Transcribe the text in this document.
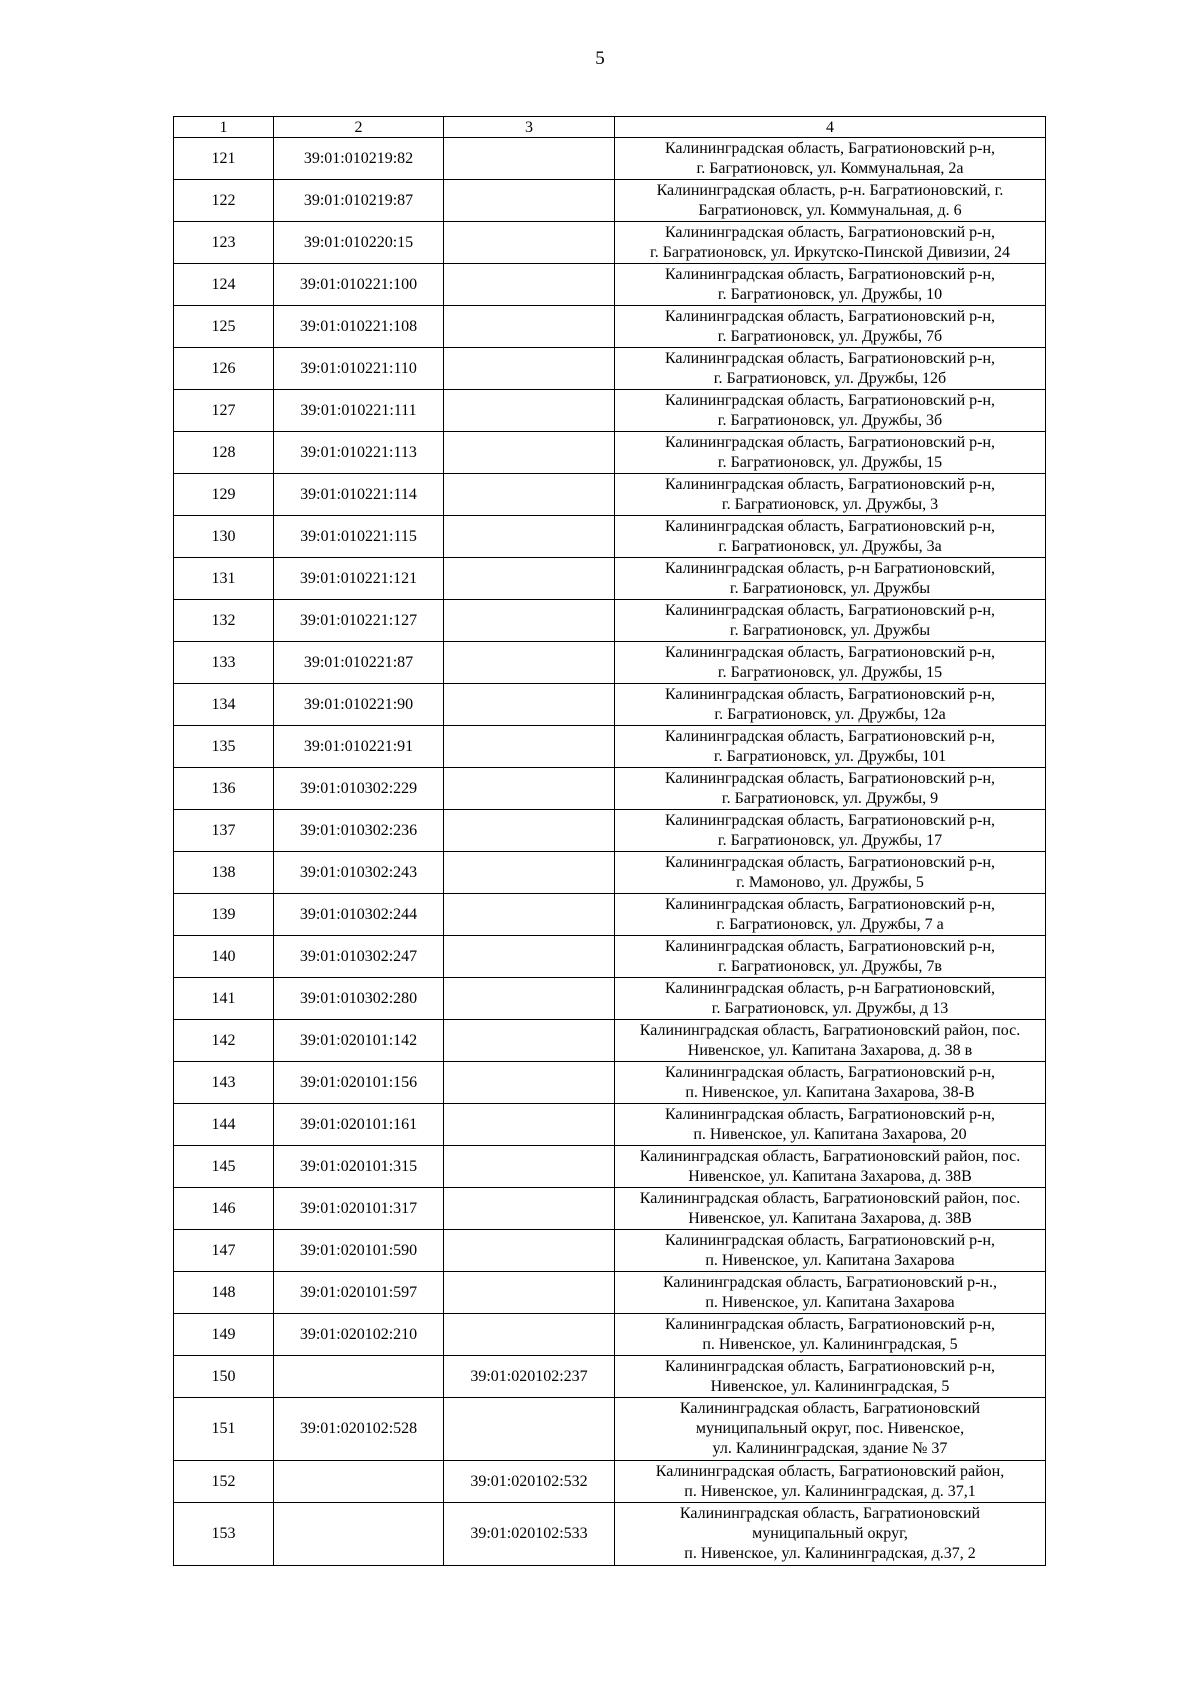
5
1	2	3	4
121	39:01:010219:82		Калининградская область, Багратионовский р-н,
г. Багратионовск, ул. Коммунальная, 2а

122	39:01:010219:87		Калининградская область, р-н. Багратионовский, г.
Багратионовск, ул. Коммунальная, д. 6

123	39:01:010220:15		Калининградская область, Багратионовский р-н,
г. Багратионовск, ул. Иркутско-Пинской Дивизии, 24

124	39:01:010221:100		Калининградская область, Багратионовский р-н,
г. Багратионовск, ул. Дружбы, 10

125	39:01:010221:108		Калининградская область, Багратионовский р-н,
г. Багратионовск, ул. Дружбы, 7б

126	39:01:010221:110		Калининградская область, Багратионовский р-н,
г. Багратионовск, ул. Дружбы, 12б

127	39:01:010221:111		Калининградская область, Багратионовский р-н,
г. Багратионовск, ул. Дружбы, 3б

128	39:01:010221:113		Калининградская область, Багратионовский р-н,
г. Багратионовск, ул. Дружбы, 15

129	39:01:010221:114		Калининградская область, Багратионовский р-н,
г. Багратионовск, ул. Дружбы, 3

130	39:01:010221:115		Калининградская область, Багратионовский р-н,
г. Багратионовск, ул. Дружбы, 3а

131	39:01:010221:121		Калининградская область, р-н Багратионовский,
г. Багратионовск, ул. Дружбы

132	39:01:010221:127		Калининградская область, Багратионовский р-н,
г. Багратионовск, ул. Дружбы

133	39:01:010221:87		Калининградская область, Багратионовский р-н,
г. Багратионовск, ул. Дружбы, 15

134	39:01:010221:90		Калининградская область, Багратионовский р-н,
г. Багратионовск, ул. Дружбы, 12а

135	39:01:010221:91		Калининградская область, Багратионовский р-н,
г. Багратионовск, ул. Дружбы, 101

136	39:01:010302:229		Калининградская область, Багратионовский р-н,
г. Багратионовск, ул. Дружбы, 9

137	39:01:010302:236		Калининградская область, Багратионовский р-н,
г. Багратионовск, ул. Дружбы, 17

138	39:01:010302:243		Калининградская область, Багратионовский р-н,
г. Мамоново, ул. Дружбы, 5

139	39:01:010302:244		Калининградская область, Багратионовский р-н,
г. Багратионовск, ул. Дружбы, 7 а

140	39:01:010302:247		Калининградская область, Багратионовский р-н,
г. Багратионовск, ул. Дружбы, 7в

141	39:01:010302:280		Калининградская область, р-н Багратионовский,
г. Багратионовск, ул. Дружбы, д 13

142	39:01:020101:142		Калининградская область, Багратионовский район, пос.
Нивенское, ул. Капитана Захарова, д. 38 в

143	39:01:020101:156		Калининградская область, Багратионовский р-н,
п. Нивенское, ул. Капитана Захарова, 38-В

144	39:01:020101:161		Калининградская область, Багратионовский р-н,
п. Нивенское, ул. Капитана Захарова, 20

145	39:01:020101:315		Калининградская область, Багратионовский район, пос.
Нивенское, ул. Капитана Захарова, д. 38В

146	39:01:020101:317		Калининградская область, Багратионовский район, пос.
Нивенское, ул. Капитана Захарова, д. 38В

147	39:01:020101:590		Калининградская область, Багратионовский р-н,
п. Нивенское, ул. Капитана Захарова

148	39:01:020101:597		Калининградская область, Багратионовский р-н.,
п. Нивенское, ул. Капитана Захарова

149	39:01:020102:210		Калининградская область, Багратионовский р-н,
п. Нивенское, ул. Калининградская, 5

150		39:01:020102:237	Калининградская область, Багратионовский р-н,
Нивенское, ул. Калининградская, 5

151	39:01:020102:528		Калининградская область, Багратионовский
муниципальный округ, пос. Нивенское,
ул. Калининградская, здание № 37

152		39:01:020102:532	Калининградская область, Багратионовский район,
п. Нивенское, ул. Калининградская, д. 37,1

153		39:01:020102:533	Калининградская область, Багратионовский
муниципальный округ,
п. Нивенское, ул. Калининградская, д.37, 2
